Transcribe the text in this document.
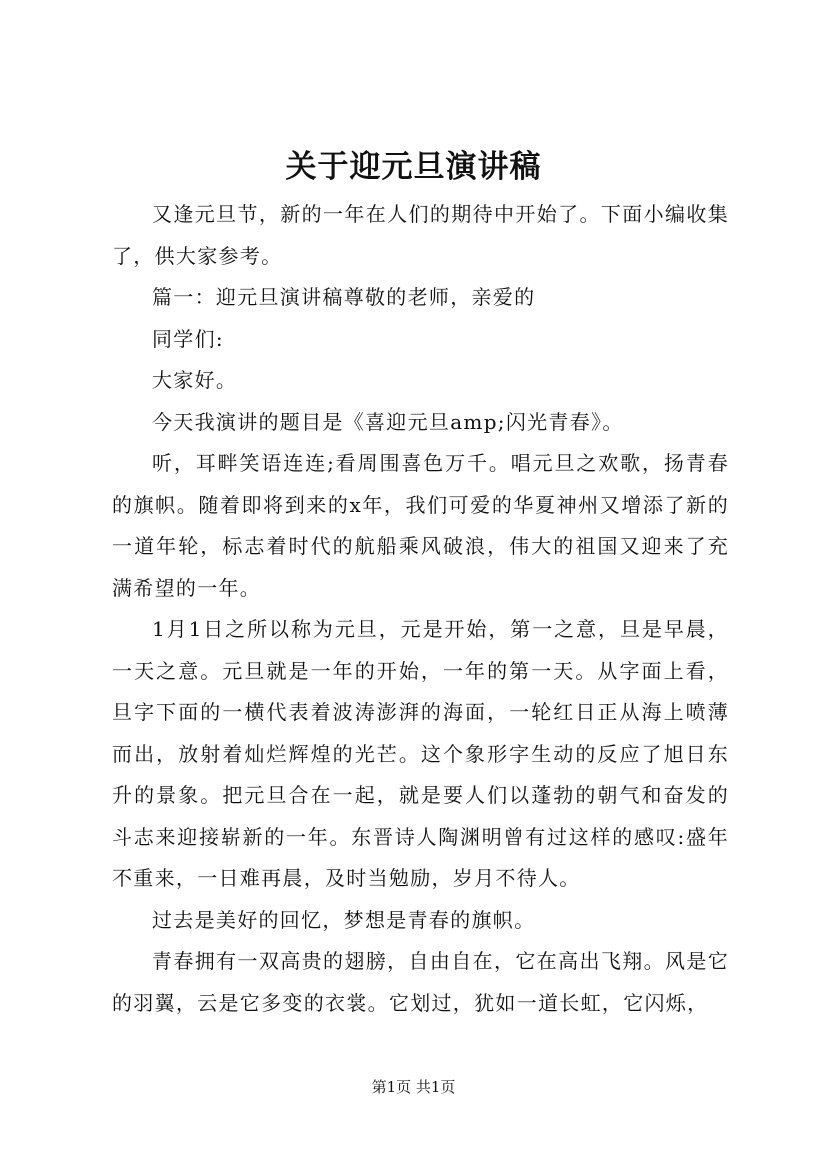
关于迎元旦演讲稿

又逢元旦节，新的一年在人们的期待中开始了。下面小编收集了，供大家参考。

篇一：迎元旦演讲稿尊敬的老师，亲爱的

同学们:

大家好。

今天我演讲的题目是《喜迎元旦amp;闪光青春》。

听，耳畔笑语连连;看周围喜色万千。唱元旦之欢歌，扬青春的旗帜。随着即将到来的x年，我们可爱的华夏神州又增添了新的一道年轮，标志着时代的航船乘风破浪，伟大的祖国又迎来了充满希望的一年。

1月1日之所以称为元旦，元是开始，第一之意，旦是早晨，一天之意。元旦就是一年的开始，一年的第一天。从字面上看，旦字下面的一横代表着波涛澎湃的海面，一轮红日正从海上喷薄而出，放射着灿烂辉煌的光芒。这个象形字生动的反应了旭日东升的景象。把元旦合在一起，就是要人们以蓬勃的朝气和奋发的斗志来迎接崭新的一年。东晋诗人陶渊明曾有过这样的感叹:盛年不重来，一日难再晨，及时当勉励，岁月不待人。

过去是美好的回忆，梦想是青春的旗帜。

青春拥有一双高贵的翅膀，自由自在，它在高出飞翔。风是它的羽翼，云是它多变的衣裳。它划过，犹如一道长虹，它闪烁，

第1页 共1页
